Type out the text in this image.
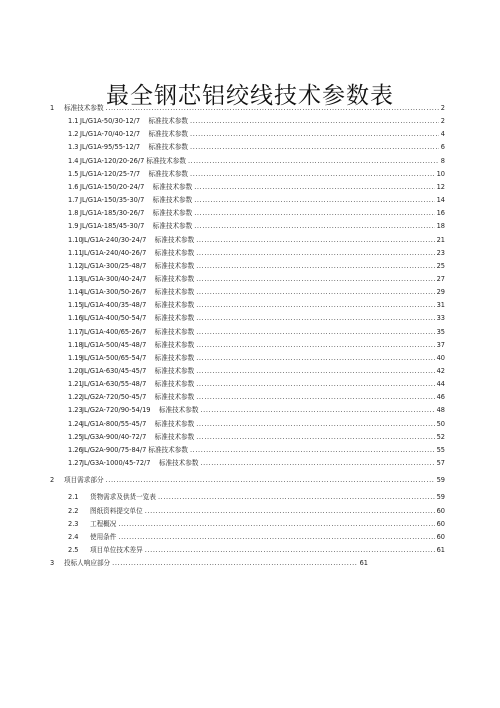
最全钢芯铝绞线技术参数表
1	标准技术参数 .....	2
1.1 JL/G1A-50/30-12/7    标准技术参数 .....	2
1.2 JL/G1A-70/40-12/7    标准技术参数 .....	4
1.3 JL/G1A-95/55-12/7    标准技术参数 .....	6
1.4 JL/G1A-120/20-26/7 标准技术参数 .....	8
1.5 JL/G1A-120/25-7/7    标准技术参数 .....	10
1.6 JL/G1A-150/20-24/7    标准技术参数 .....	12
1.7 JL/G1A-150/35-30/7    标准技术参数 .....	14
1.8 JL/G1A-185/30-26/7    标准技术参数 .....	16
1.9 JL/G1A-185/45-30/7    标准技术参数 .....	18
1.10 JL/G1A-240/30-24/7    标准技术参数 .....	21
1.11 JL/G1A-240/40-26/7    标准技术参数 .....	23
1.12 JL/G1A-300/25-48/7    标准技术参数 .....	25
1.13 JL/G1A-300/40-24/7    标准技术参数 .....	27
1.14 JL/G1A-300/50-26/7    标准技术参数 .....	29
1.15 JL/G1A-400/35-48/7    标准技术参数 .....	31
1.16 JL/G1A-400/50-54/7    标准技术参数 .....	33
1.17 JL/G1A-400/65-26/7    标准技术参数 .....	35
1.18 JL/G1A-500/45-48/7    标准技术参数 .....	37
1.19 JL/G1A-500/65-54/7    标准技术参数 .....	40
1.20 JL/G1A-630/45-45/7    标准技术参数 .....	42
1.21 JL/G1A-630/55-48/7    标准技术参数 .....	44
1.22 JL/G2A-720/50-45/7    标准技术参数 .....	46
1.23 JL/G2A-720/90-54/19    标准技术参数 .....	48
1.24 JL/G1A-800/55-45/7    标准技术参数 .....	50
1.25 JL/G3A-900/40-72/7    标准技术参数 .....	52
1.26 JL/G2A-900/75-84/7 标准技术参数 .....	55
1.27 JL/G3A-1000/45-72/7    标准技术参数 .....	57
2	项目需求部分 .....	59
2.1	货物需求及供货一览表 .....	59
2.2	图纸资料提交单位 .....	60
2.3	工程概况 .....	60
2.4	使用条件 .....	60
2.5	项目单位技术差异 .....	61
3	投标人响应部分 .....	61
